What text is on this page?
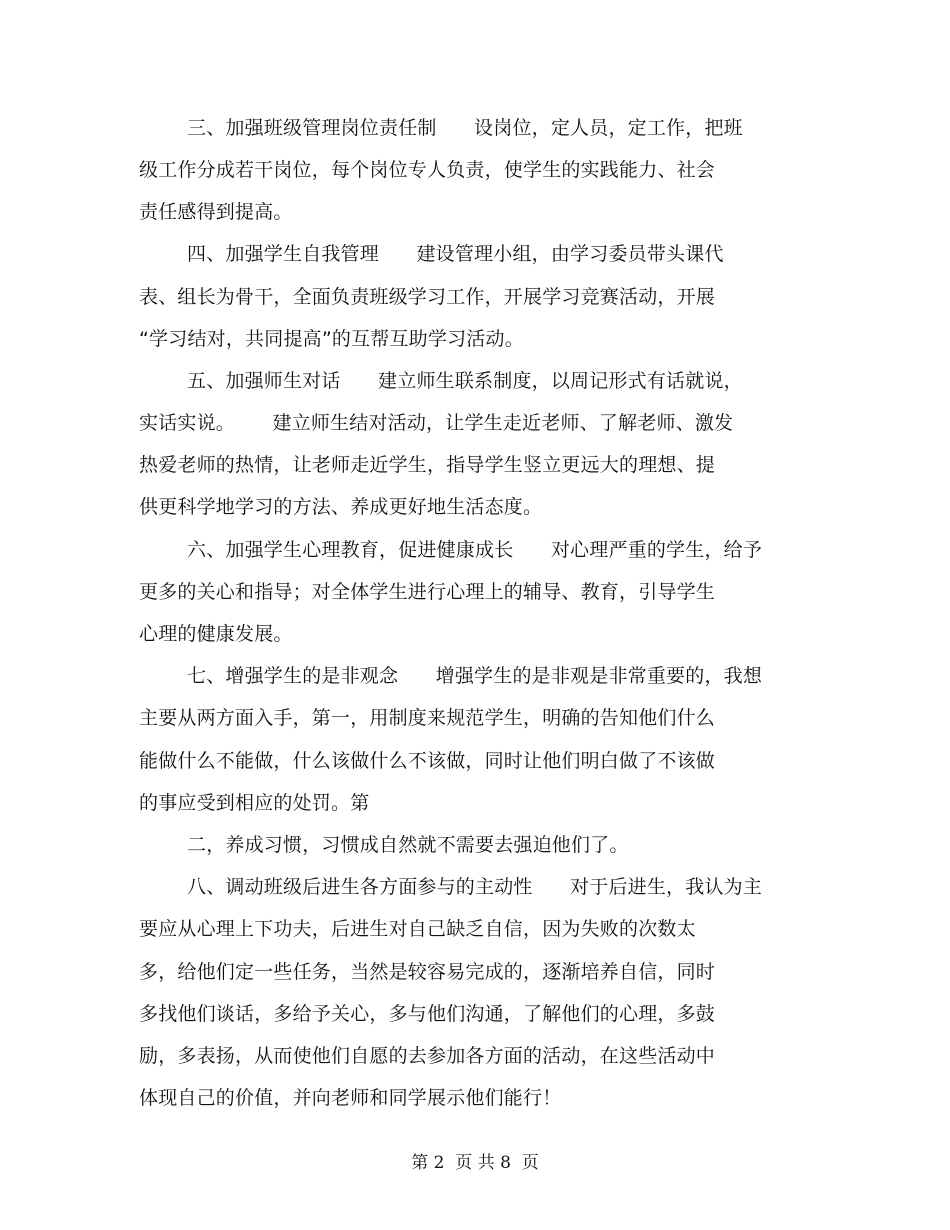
三、加强班级管理岗位责任制      设岗位，定人员，定工作，把班
级工作分成若干岗位，每个岗位专人负责，使学生的实践能力、社会
责任感得到提高。
四、加强学生自我管理      建设管理小组，由学习委员带头课代
表、组长为骨干，全面负责班级学习工作，开展学习竞赛活动，开展
“学习结对，共同提高”的互帮互助学习活动。
五、加强师生对话      建立师生联系制度，以周记形式有话就说，
实话实说。      建立师生结对活动，让学生走近老师、了解老师、激发
热爱老师的热情，让老师走近学生，指导学生竖立更远大的理想、提
供更科学地学习的方法、养成更好地生活态度。
六、加强学生心理教育，促进健康成长      对心理严重的学生，给予
更多的关心和指导；对全体学生进行心理上的辅导、教育，引导学生
心理的健康发展。
七、增强学生的是非观念      增强学生的是非观是非常重要的，我想
主要从两方面入手，第一，用制度来规范学生，明确的告知他们什么
能做什么不能做，什么该做什么不该做，同时让他们明白做了不该做
的事应受到相应的处罚。第
二，养成习惯，习惯成自然就不需要去强迫他们了。
八、调动班级后进生各方面参与的主动性      对于后进生，我认为主
要应从心理上下功夫，后进生对自己缺乏自信，因为失败的次数太
多，给他们定一些任务，当然是较容易完成的，逐渐培养自信，同时
多找他们谈话，多给予关心，多与他们沟通，了解他们的心理，多鼓
励，多表扬，从而使他们自愿的去参加各方面的活动，在这些活动中
体现自己的价值，并向老师和同学展示他们能行！
第 2  页 共 8  页
